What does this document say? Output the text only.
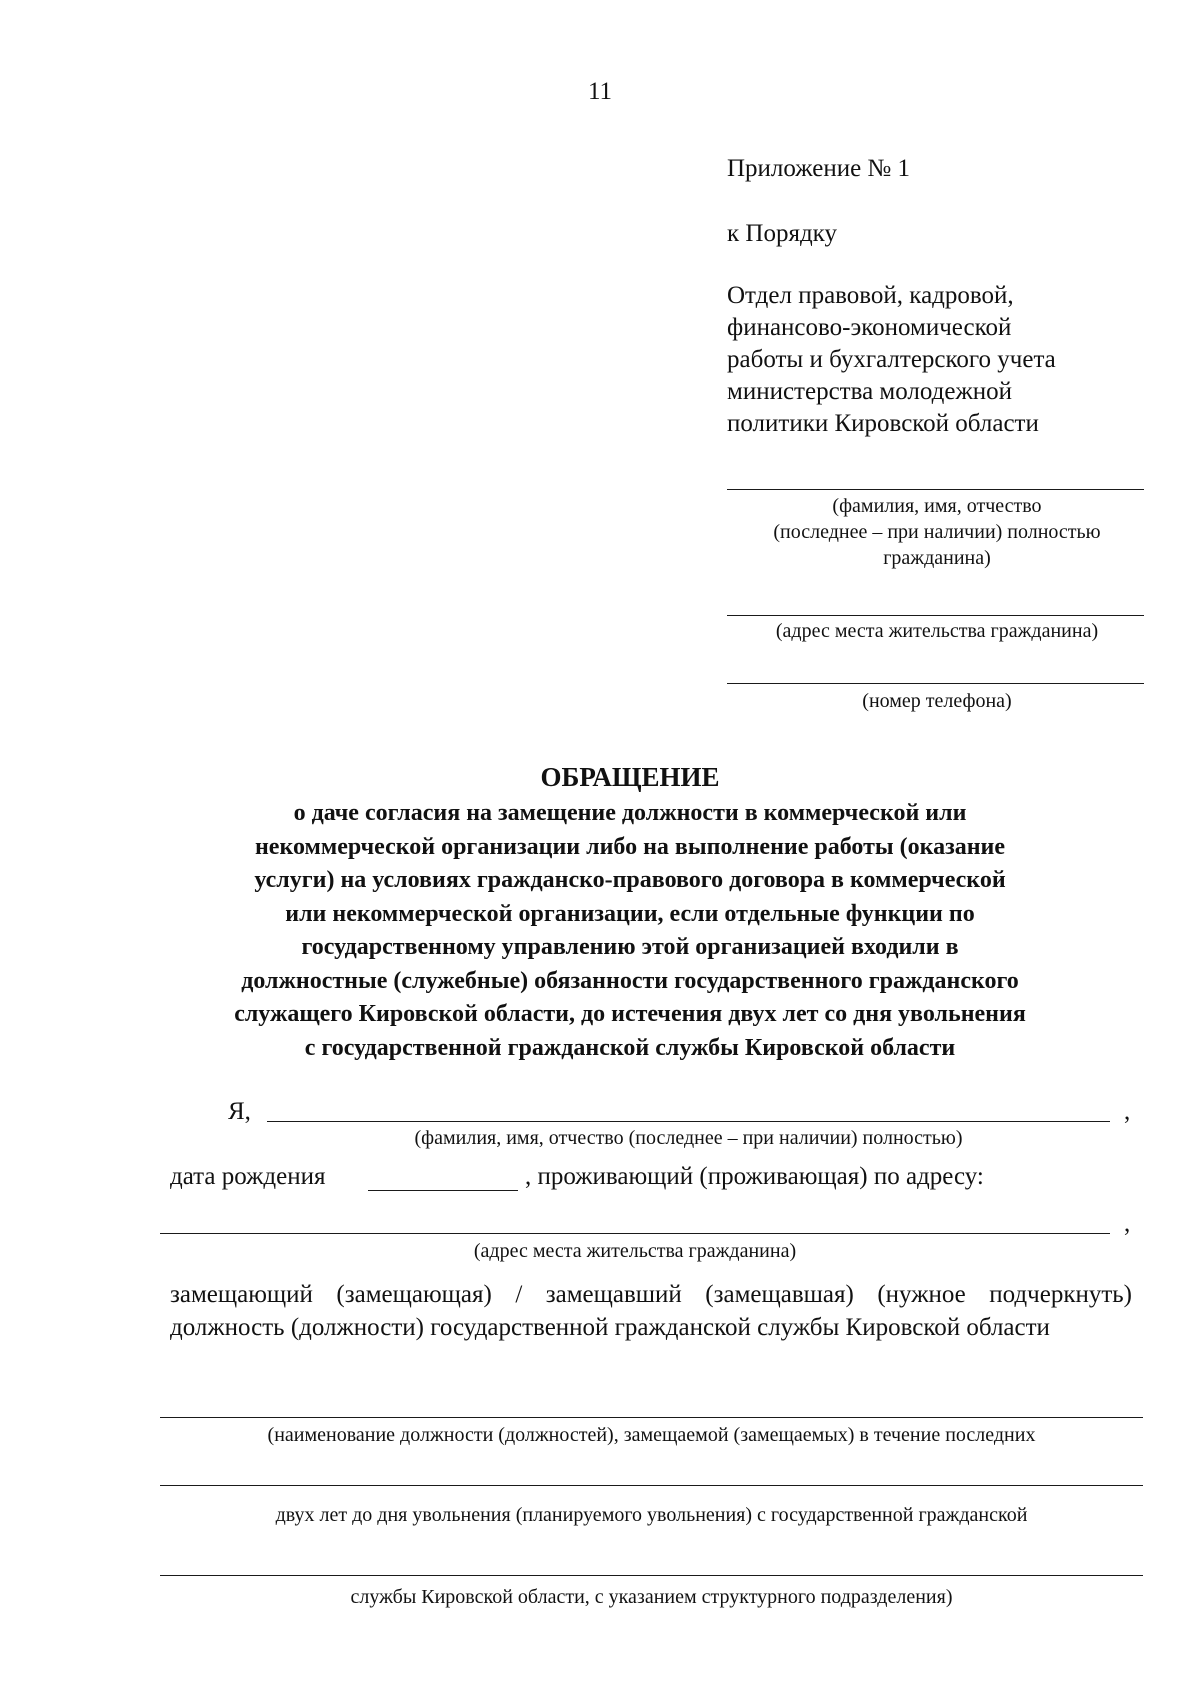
11
Приложение № 1
к Порядку
Отдел правовой, кадровой,
финансово-экономической
работы и бухгалтерского учета
министерства молодежной
политики Кировской области
(фамилия, имя, отчество
(последнее – при наличии) полностью
гражданина)
(адрес места жительства гражданина)
(номер телефона)
ОБРАЩЕНИЕ
о даче согласия на замещение должности в коммерческой или
некоммерческой организации либо на выполнение работы (оказание
услуги) на условиях гражданско-правового договора в коммерческой
или некоммерческой организации, если отдельные функции по
государственному управлению этой организацией входили в
должностные (служебные) обязанности государственного гражданского
служащего Кировской области, до истечения двух лет со дня увольнения
с государственной гражданской службы Кировской области
Я,	,
(фамилия, имя, отчество (последнее – при наличии) полностью)
дата рождения	, проживающий (проживающая) по адресу:
,
(адрес места жительства гражданина)
замещающий (замещающая) / замещавший (замещавшая) (нужное подчеркнуть) должность (должности) государственной гражданской службы Кировской области
(наименование должности (должностей), замещаемой (замещаемых) в течение последних
двух лет до дня увольнения (планируемого увольнения) с государственной гражданской
службы Кировской области, с указанием структурного подразделения)
